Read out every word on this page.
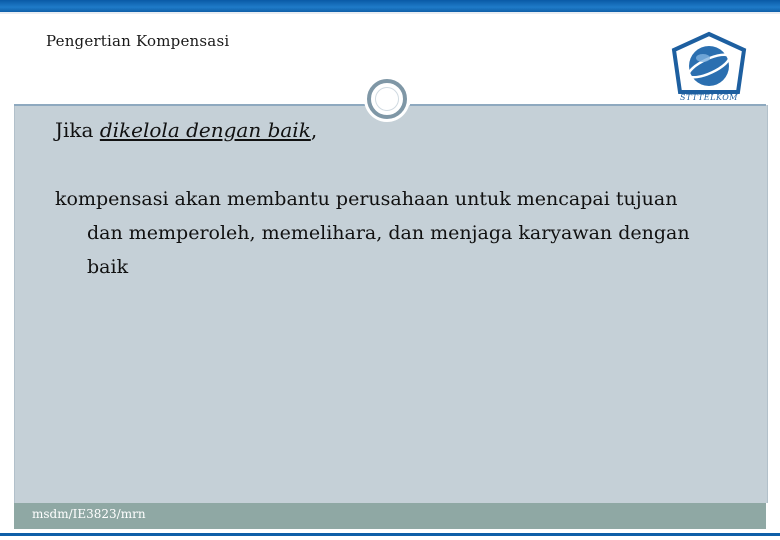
Pengertian Kompensasi
STTTELKOM
Jika dikelola dengan baik,
kompensasi akan membantu perusahaan untuk mencapai tujuan
dan memperoleh, memelihara, dan menjaga karyawan dengan
baik
msdm/IE3823/mrn
